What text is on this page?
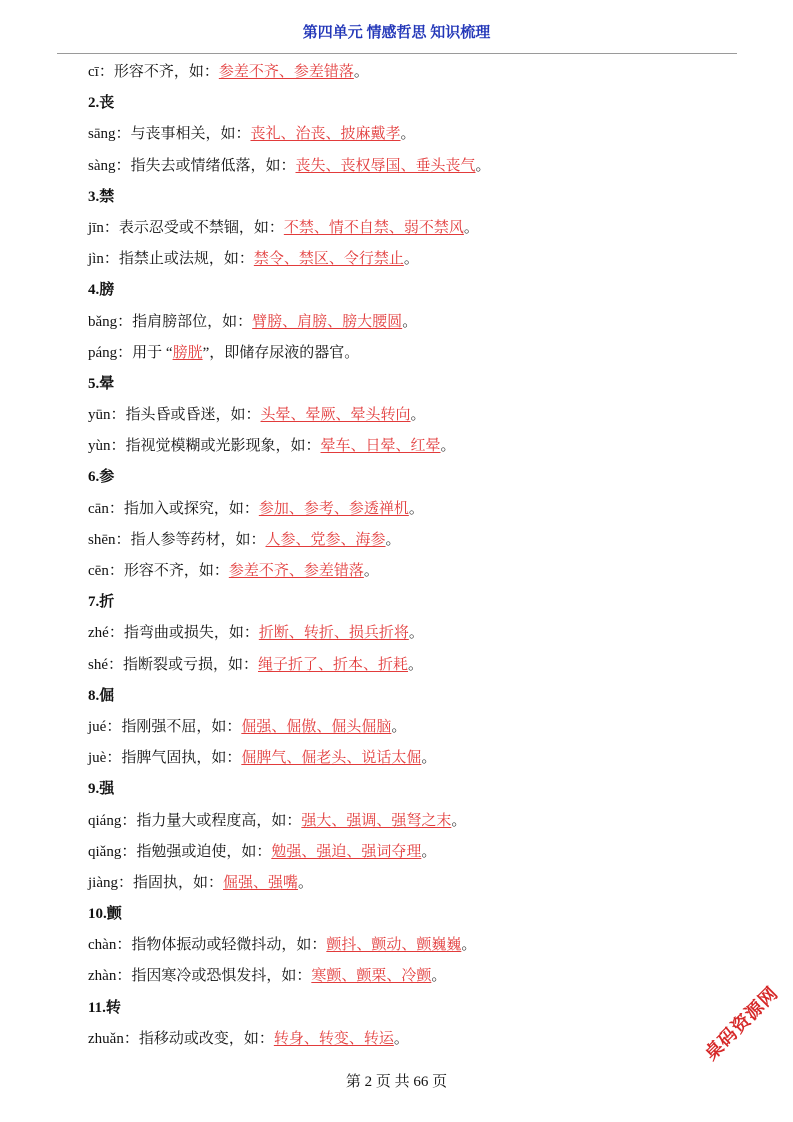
第四单元 情感哲思 知识梳理
cī：形容不齐，如：参差不齐、参差错落。
2.丧
sāng：与丧事相关，如：丧礼、治丧、披麻戴孝。
sàng：指失去或情绪低落，如：丧失、丧权辱国、垂头丧气。
3.禁
jīn：表示忍受或不禁锢，如：不禁、情不自禁、弱不禁风。
jìn：指禁止或法规，如：禁令、禁区、令行禁止。
4.膀
bǎng：指肩膀部位，如：臂膀、肩膀、膀大腰圆。
páng：用于 “膀胱”，即储存尿液的器官。
5.晕
yūn：指头昏或昏迷，如：头晕、晕厥、晕头转向。
yùn：指视觉模糊或光影现象，如：晕车、日晕、红晕。
6.参
cān：指加入或探究，如：参加、参考、参透禅机。
shēn：指人参等药材，如：人参、党参、海参。
cēn：形容不齐，如：参差不齐、参差错落。
7.折
zhé：指弯曲或损失，如：折断、转折、损兵折将。
shé：指断裂或亏损，如：绳子折了、折本、折耗。
8.倔
jué：指刚强不屈，如：倔强、倔傲、倔头倔脑。
juè：指脾气固执，如：倔脾气、倔老头、说话太倔。
9.强
qiáng：指力量大或程度高，如：强大、强调、强弩之末。
qiǎng：指勉强或迫使，如：勉强、强迫、强词夺理。
jiàng：指固执，如：倔强、强嘴。
10.颤
chàn：指物体振动或轻微抖动，如：颤抖、颤动、颤巍巍。
zhàn：指因寒冷或恐惧发抖，如：寒颤、颤栗、冷颤。
11.转
zhuǎn：指移动或改变，如：转身、转变、转运。
第 2 页 共 66 页
桌码资源网
